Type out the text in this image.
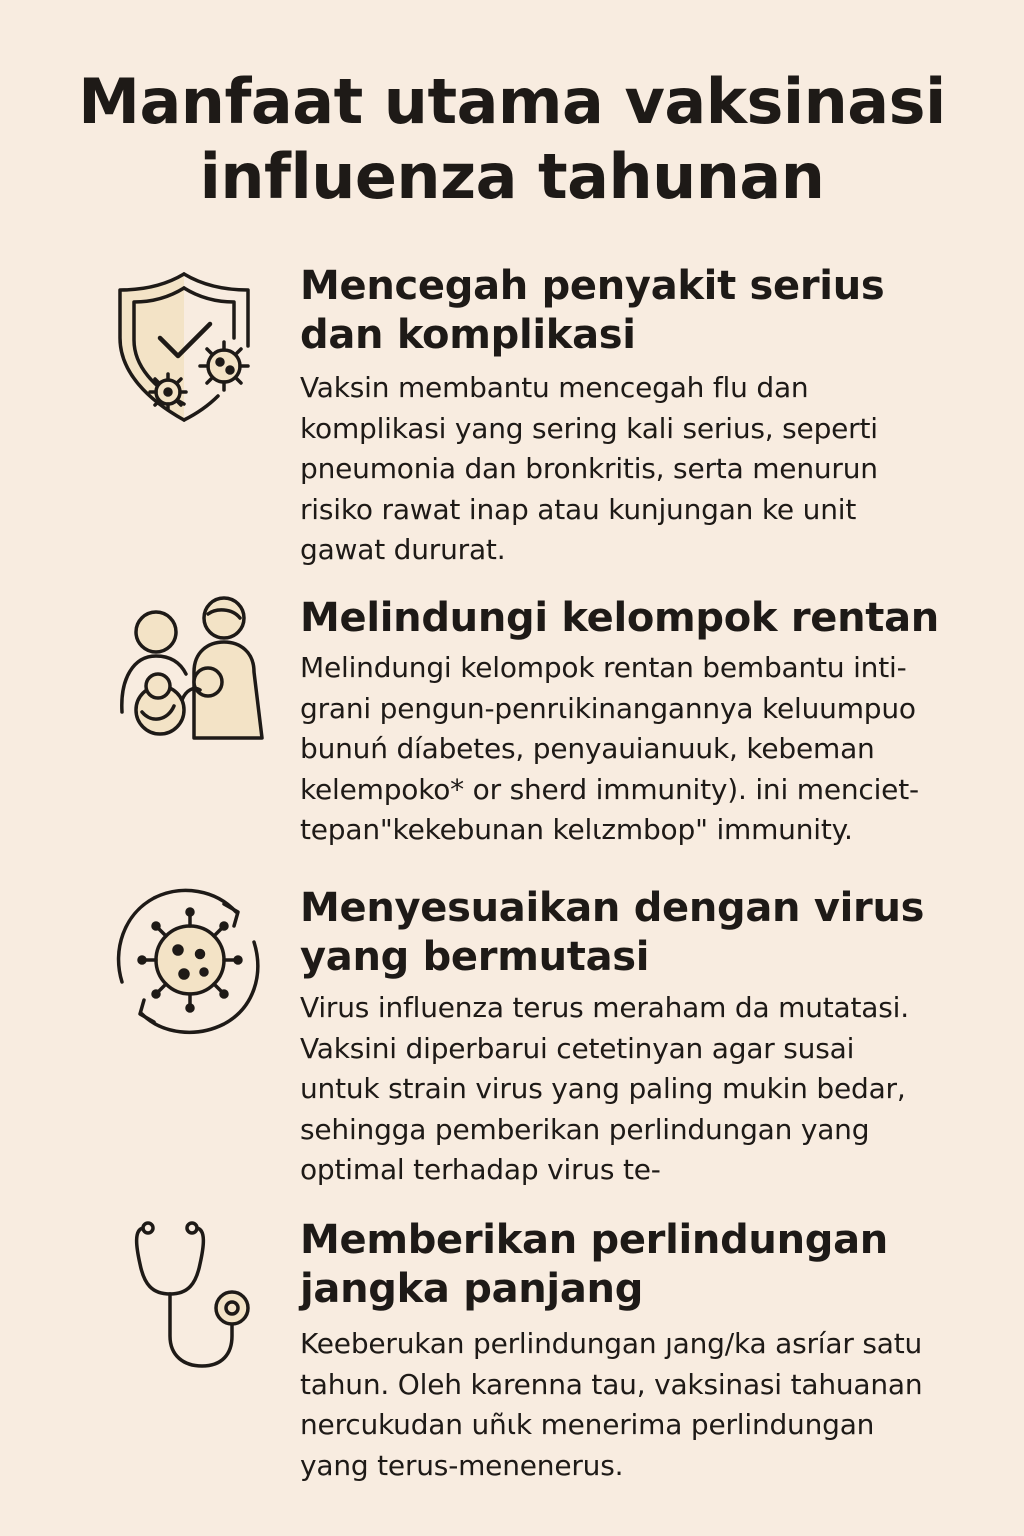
Manfaat utama vaksinasi influenza tahunan
Mencegah penyakit serius dan komplikasi

Vaksin membantu mencegah flu dan komplikasi yang sering kali serius, seperti pneumonia dan bronkritis, serta menurun risiko rawat inap atau kunjungan ke unit gawat dururat.

Melindungi kelompok rentan

Melindungi kelompok rentan bembantu inti-grani pengun-penrιikinangannya keluumpuo bunuń díabetes, penyauianuuk, kebeman kelempoko* or sherd immunity). ini menciet-tepan"kekebunan kelιzmbop" immunity.

Menyesuaikan dengan virus yang bermutasi

Virus influenza terus meraham da mutatasi. Vaksini diperbarui cetetinyan agar susai untuk strain virus yang paling mukin bedar, sehingga pemberikan perlindungan yang optimal terhadap virus te-

Memberikan perlindungan jangka panjang

Keeberukan perlindungan ȷang/ka asríar satu tahun. Oleh karenna tau, vaksinasi tahuanan nercukudan uñιk menerima perlindungan yang terus-menenerus.
